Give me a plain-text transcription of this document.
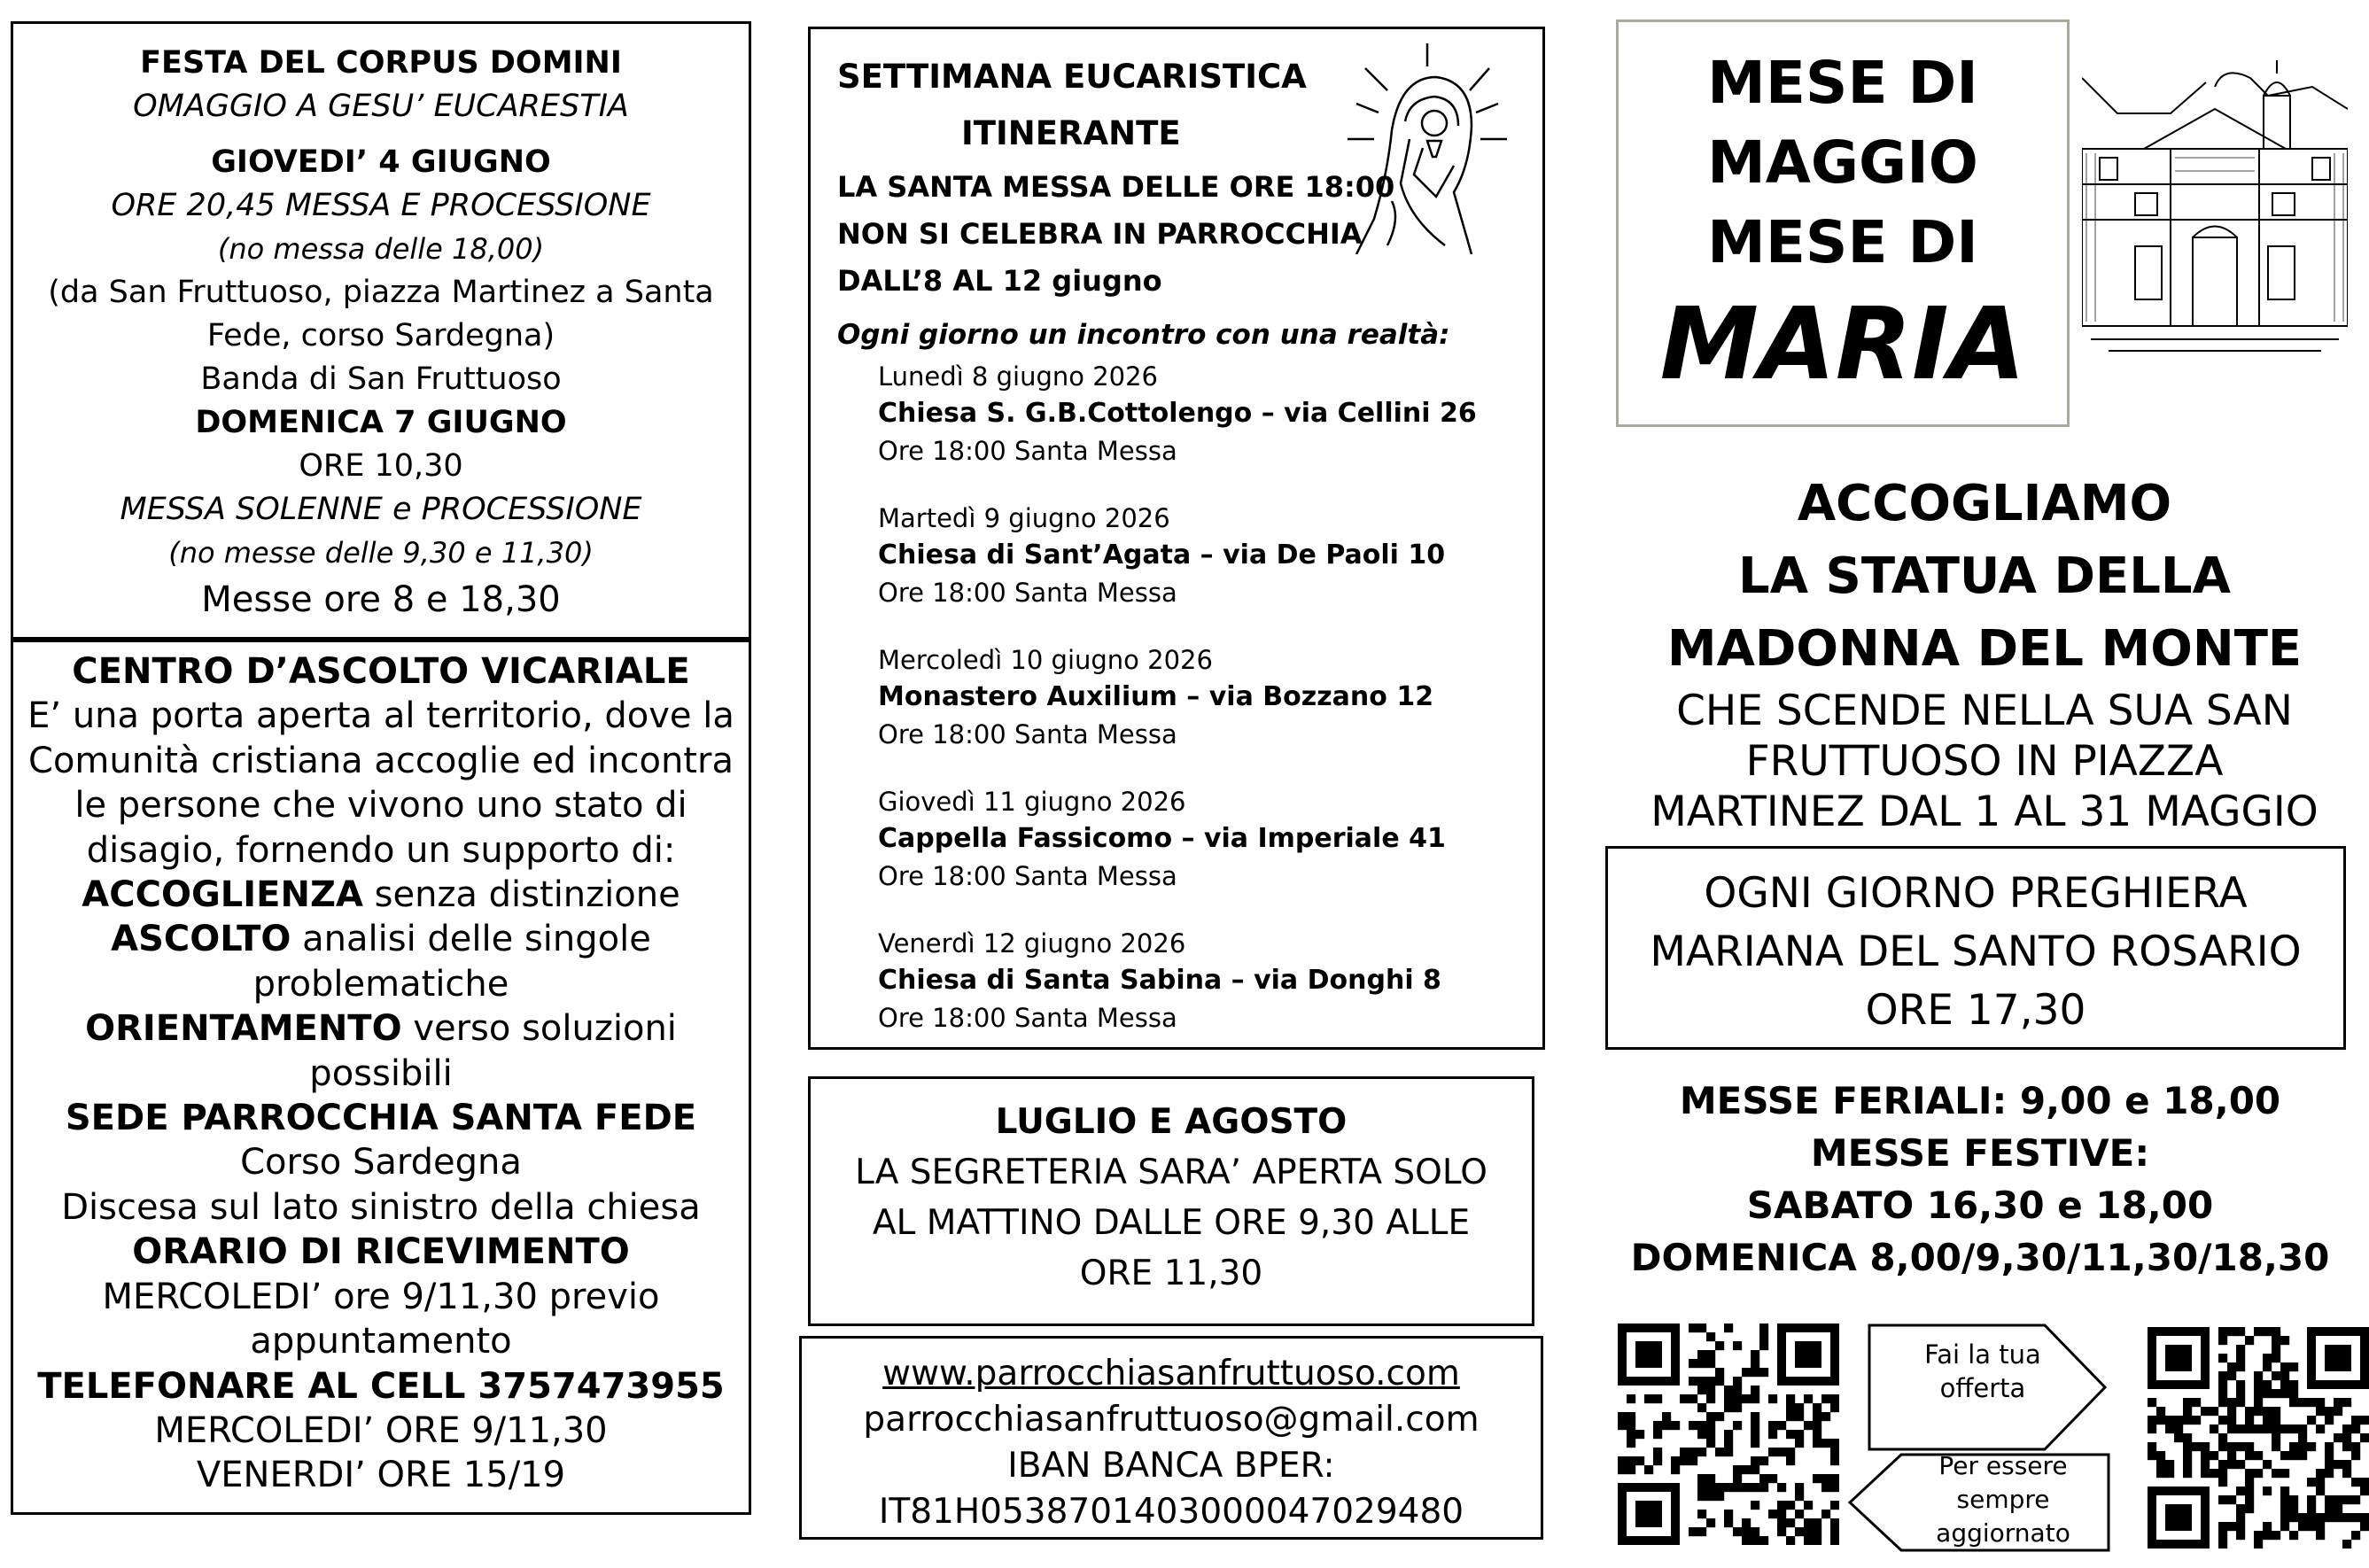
FESTA DEL CORPUS DOMINI
OMAGGIO A GESU’ EUCARESTIA
GIOVEDI’ 4 GIUGNO
ORE 20,45 MESSA E PROCESSIONE
(no messa delle 18,00)
(da San Fruttuoso, piazza Martinez a Santa
Fede, corso Sardegna)
Banda di San Fruttuoso
DOMENICA 7 GIUGNO
ORE 10,30
MESSA SOLENNE e PROCESSIONE
(no messe delle 9,30 e 11,30)
Messe ore 8 e 18,30
CENTRO D’ASCOLTO VICARIALE
E’ una porta aperta al territorio, dove la
Comunità cristiana accoglie ed incontra
le persone che vivono uno stato di
disagio, fornendo un supporto di:
ACCOGLIENZA senza distinzione
ASCOLTO analisi delle singole
problematiche
ORIENTAMENTO verso soluzioni
possibili
SEDE PARROCCHIA SANTA FEDE
Corso Sardegna
Discesa sul lato sinistro della chiesa
ORARIO DI RICEVIMENTO
MERCOLEDI’ ore 9/11,30 previo
appuntamento
TELEFONARE AL CELL 3757473955
MERCOLEDI’ ORE 9/11,30
VENERDI’ ORE 15/19
SETTIMANA EUCARISTICA
ITINERANTE
LA SANTA MESSA DELLE ORE 18:00
NON SI CELEBRA IN PARROCCHIA
DALL’8 AL 12 giugno
Ogni giorno un incontro con una realtà:
Lunedì 8 giugno 2026
Chiesa S. G.B.Cottolengo – via Cellini 26
Ore 18:00 Santa Messa
Martedì 9 giugno 2026
Chiesa di Sant’Agata – via De Paoli 10
Ore 18:00 Santa Messa
Mercoledì 10 giugno 2026
Monastero Auxilium – via Bozzano 12
Ore 18:00 Santa Messa
Giovedì 11 giugno 2026
Cappella Fassicomo – via Imperiale 41
Ore 18:00 Santa Messa
Venerdì 12 giugno 2026
Chiesa di Santa Sabina – via Donghi 8
Ore 18:00 Santa Messa
LUGLIO E AGOSTO
LA SEGRETERIA SARA’ APERTA SOLO
AL MATTINO DALLE ORE 9,30 ALLE
ORE 11,30
www.parrocchiasanfruttuoso.com
parrocchiasanfruttuoso@gmail.com
IBAN BANCA BPER:
IT81H0538701403000047029480
MESE DI
MAGGIO
MESE DI
MARIA
ACCOGLIAMO
LA STATUA DELLA
MADONNA DEL MONTE
CHE SCENDE NELLA SUA SAN
FRUTTUOSO IN PIAZZA
MARTINEZ DAL 1 AL 31 MAGGIO
OGNI GIORNO PREGHIERA
MARIANA DEL SANTO ROSARIO
ORE 17,30
MESSE FERIALI: 9,00 e 18,00
MESSE FESTIVE:
SABATO 16,30 e 18,00
DOMENICA 8,00/9,30/11,30/18,30
Fai la tua
offerta
Per essere
sempre
aggiornato
